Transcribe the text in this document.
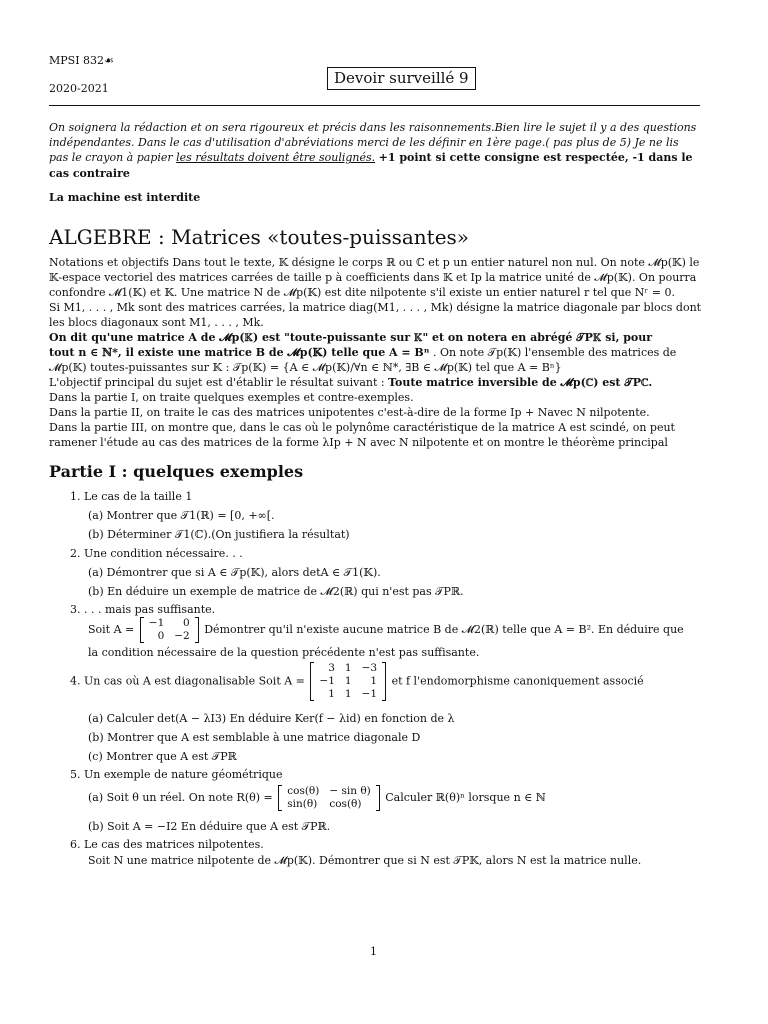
MPSI 832☙
2020-2021
Devoir surveillé 9
On soignera la rédaction et on sera rigoureux et précis dans les raisonnements.Bien lire le sujet il y a des questions indépendantes. Dans le cas d'utilisation d'abréviations merci de les définir en 1ère page.( pas plus de 5) Je ne lis pas le crayon à papier les résultats doivent être soulignés. +1 point si cette consigne est respectée, -1 dans le cas contraire
La machine est interdite
ALGEBRE : Matrices «toutes-puissantes»
Notations et objectifs Dans tout le texte, 𝕂 désigne le corps ℝ ou ℂ et p un entier naturel non nul. On note 𝓜p(𝕂) le
𝕂-espace vectoriel des matrices carrées de taille p à coefficients dans 𝕂 et Ip la matrice unité de 𝓜p(𝕂). On pourra
confondre 𝓜1(𝕂) et 𝕂. Une matrice N de 𝓜p(𝕂) est dite nilpotente s'il existe un entier naturel r tel que Nʳ = 0.
Si M1, . . . , Mk sont des matrices carrées, la matrice diag(M1, . . . , Mk) désigne la matrice diagonale par blocs dont
les blocs diagonaux sont M1, . . . , Mk.
On dit qu'une matrice A de 𝓜p(𝕂) est "toute-puissante sur 𝕂" et on notera en abrégé 𝒯P𝕂 si, pour
tout n ∈ ℕ*, il existe une matrice B de 𝓜p(𝕂) telle que A = Bⁿ . On note 𝒯p(𝕂) l'ensemble des matrices de
𝓜p(𝕂) toutes-puissantes sur 𝕂 : 𝒯p(𝕂) = {A ∈ 𝓜p(𝕂)/∀n ∈ ℕ*, ∃B ∈ 𝓜p(𝕂) tel que A = Bⁿ}
L'objectif principal du sujet est d'établir le résultat suivant : Toute matrice inversible de 𝓜p(ℂ) est 𝒯Pℂ.
Dans la partie I, on traite quelques exemples et contre-exemples.
Dans la partie II, on traite le cas des matrices unipotentes c'est-à-dire de la forme Ip + Navec N nilpotente.
Dans la partie III, on montre que, dans le cas où le polynôme caractéristique de la matrice A est scindé, on peut
ramener l'étude au cas des matrices de la forme λIp + N avec N nilpotente et on montre le théorème principal
Partie I : quelques exemples
1. Le cas de la taille 1
(a) Montrer que 𝒯1(ℝ) = [0, +∞[.
(b) Déterminer 𝒯1(ℂ).(On justifiera la résultat)
2. Une condition nécessaire. . .
(a) Démontrer que si A ∈ 𝒯p(𝕂), alors detA ∈ 𝒯1(𝕂).
(b) En déduire un exemple de matrice de 𝓜2(ℝ) qui n'est pas 𝒯Pℝ.
3. . . . mais pas suffisante.
Soit A = −1	0
0	−2 Démontrer qu'il n'existe aucune matrice B de 𝓜2(ℝ) telle que A = B². En déduire que
la condition nécessaire de la question précédente n'est pas suffisante.
4. Un cas où A est diagonalisable Soit A =
3	1	−3
−1	1	1
1	1	−1
et f l'endomorphisme canoniquement associé
(a) Calculer det(A − λI3) En déduire Ker(f − λid) en fonction de λ
(b) Montrer que A est semblable à une matrice diagonale D
(c) Montrer que A est 𝒯Pℝ
5. Un exemple de nature géométrique
(a) Soit θ un réel. On note R(θ) = cos(θ)	− sin θ)
sin(θ)	cos(θ) Calculer ℝ(θ)ⁿ lorsque n ∈ ℕ
(b) Soit A = −I2 En déduire que A est 𝒯Pℝ.
6. Le cas des matrices nilpotentes.
Soit N une matrice nilpotente de 𝓜p(𝕂). Démontrer que si N est 𝒯P𝕂, alors N est la matrice nulle.
1
